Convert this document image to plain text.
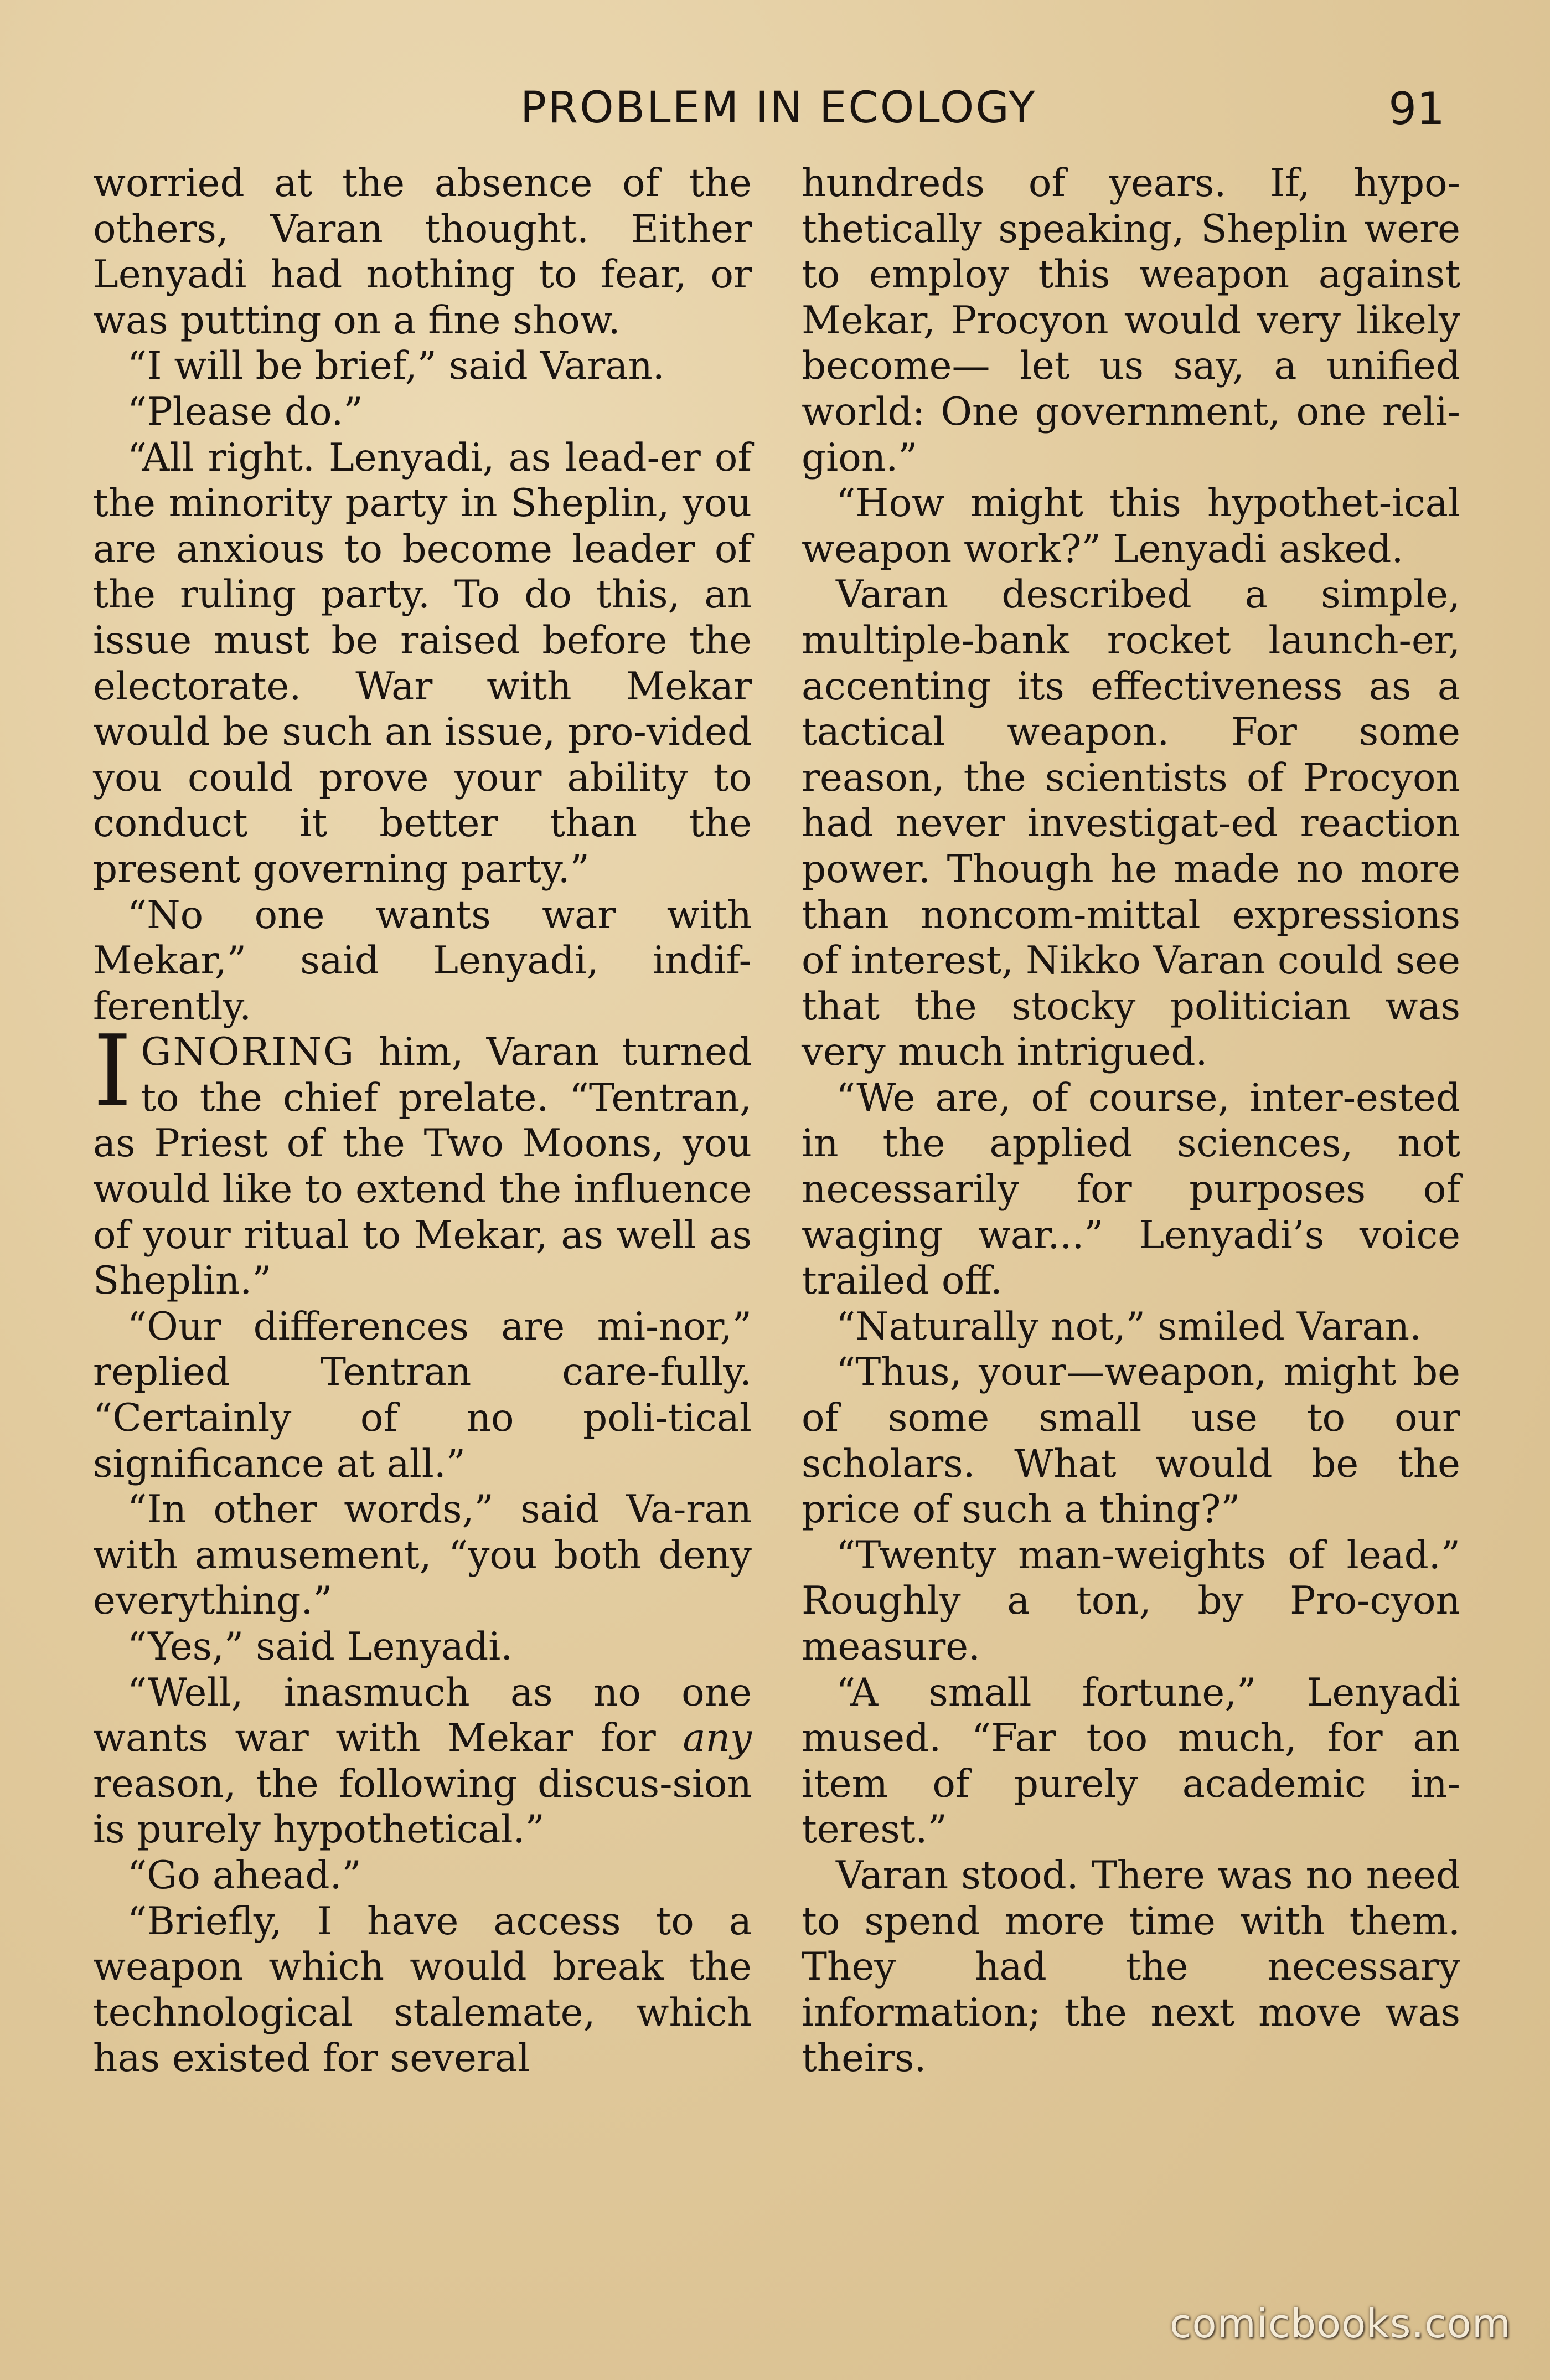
PROBLEM IN ECOLOGY	91

worried at the absence of the others, Varan thought. Either Lenyadi had nothing to fear, or was putting on a fine show.

“I will be brief,” said Varan.

“Please do.”

“All right. Lenyadi, as lead-er of the minority party in Sheplin, you are anxious to become leader of the ruling party. To do this, an issue must be raised before the electorate. War with Mekar would be such an issue, pro-vided you could prove your ability to conduct it better than the present governing party.”

“No one wants war with Mekar,” said Lenyadi, indif-ferently.

IGNORING him, Varan turned to the chief prelate. “Tentran, as Priest of the Two Moons, you would like to extend the influence of your ritual to Mekar, as well as Sheplin.”

“Our differences are mi-nor,” replied Tentran care-fully. “Certainly of no poli-tical significance at all.”

“In other words,” said Va-ran with amusement, “you both deny everything.”

“Yes,” said Lenyadi.

“Well, inasmuch as no one wants war with Mekar for any reason, the following discus-sion is purely hypothetical.”

“Go ahead.”

“Briefly, I have access to a weapon which would break the technological stalemate, which has existed for several

hundreds of years. If, hypo-thetically speaking, Sheplin were to employ this weapon against Mekar, Procyon would very likely become— let us say, a unified world: One government, one reli-gion.”

“How might this hypothet-ical weapon work?” Lenyadi asked.

Varan described a simple, multiple-bank rocket launch-er, accenting its effectiveness as a tactical weapon. For some reason, the scientists of Procyon had never investigat-ed reaction power. Though he made no more than noncom-mittal expressions of interest, Nikko Varan could see that the stocky politician was very much intrigued.

“We are, of course, inter-ested in the applied sciences, not necessarily for purposes of waging war...” Lenyadi’s voice trailed off.

“Naturally not,” smiled Varan.

“Thus, your—weapon, might be of some small use to our scholars. What would be the price of such a thing?”

“Twenty man-weights of lead.” Roughly a ton, by Pro-cyon measure.

“A small fortune,” Lenyadi mused. “Far too much, for an item of purely academic in-terest.”

Varan stood. There was no need to spend more time with them. They had the necessary information; the next move was theirs.

comicbooks.com
